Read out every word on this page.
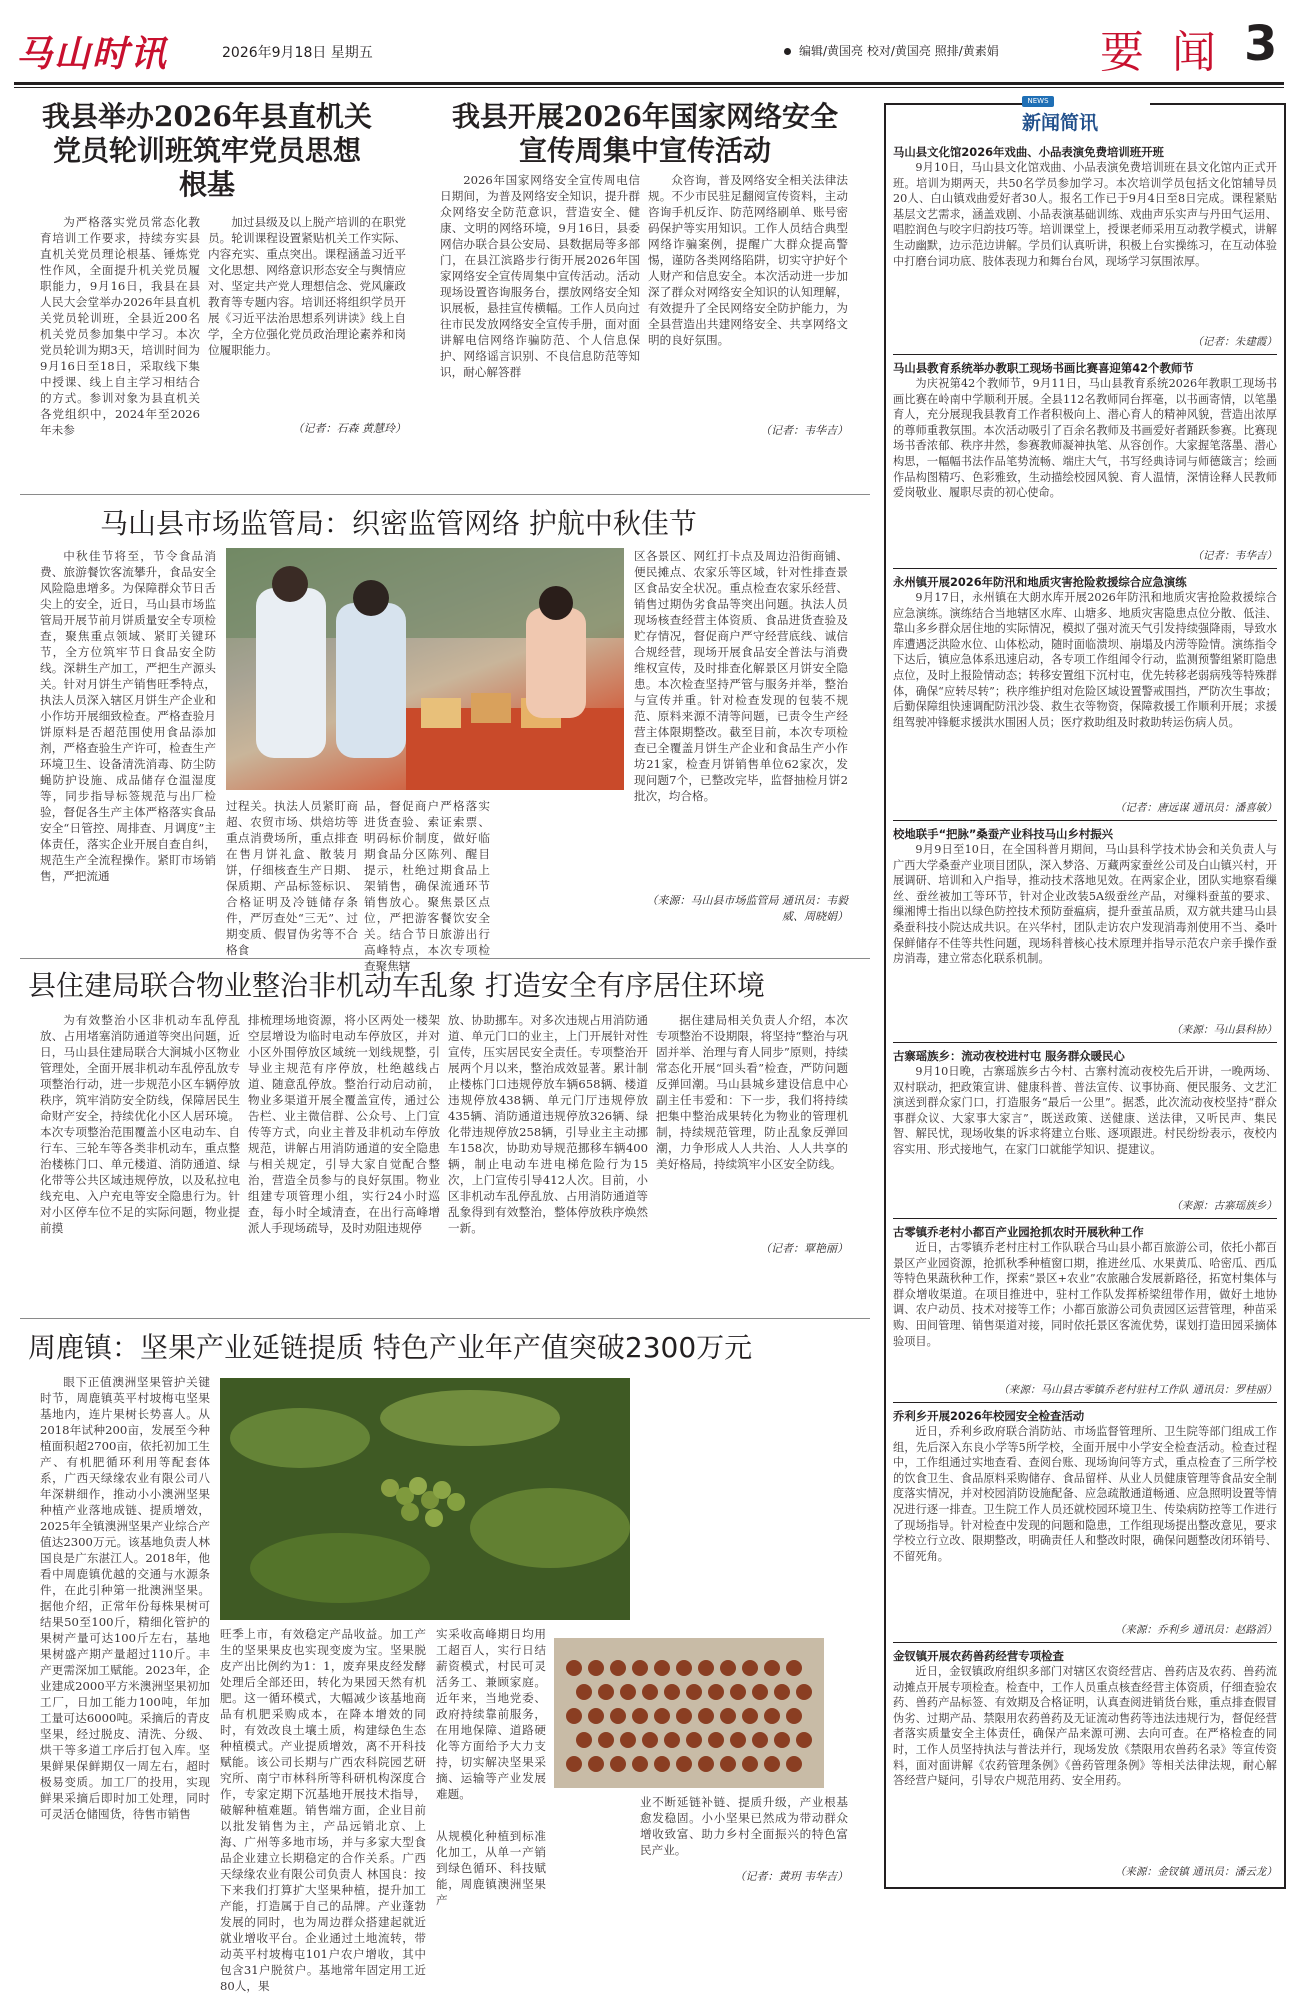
马山时讯	2026年9月18日 星期五	编辑/黄国亮 校对/黄国亮 照排/黄素娟 要闻 3
我县举办2026年县直机关党员轮训班筑牢党员思想根基
为严格落实党员常态化教育培训工作要求，持续夯实县直机关党员理论根基、锤炼党性作风，全面提升机关党员履职能力，9月16日，我县在县人民大会堂举办2026年县直机关党员轮训班，全县近200名机关党员参加集中学习。本次党员轮训为期3天，培训时间为9月16日至18日，采取线下集中授课、线上自主学习相结合的方式。参训对象为县直机关各党组织中，2024年至2026年未参
加过县级及以上脱产培训的在职党员。轮训课程设置紧贴机关工作实际、内容充实、重点突出。课程涵盖习近平文化思想、网络意识形态安全与舆情应对、坚定共产党人理想信念、党风廉政教育等专题内容。培训还将组织学员开展《习近平法治思想系列讲读》线上自学，全方位强化党员政治理论素养和岗位履职能力。
（记者：石森 黄慧玲）
我县开展2026年国家网络安全宣传周集中宣传活动
2026年国家网络安全宣传周电信日期间，为普及网络安全知识，提升群众网络安全防范意识，营造安全、健康、文明的网络环境，9月16日，县委网信办联合县公安局、县数据局等多部门，在县江滨路步行街开展2026年国家网络安全宣传周集中宣传活动。活动现场设置咨询服务台，摆放网络安全知识展板，悬挂宣传横幅。工作人员向过往市民发放网络安全宣传手册，面对面讲解电信网络诈骗防范、个人信息保护、网络谣言识别、不良信息防范等知识，耐心解答群
众咨询，普及网络安全相关法律法规。不少市民驻足翻阅宣传资料，主动咨询手机反诈、防范网络刷单、账号密码保护等实用知识。工作人员结合典型网络诈骗案例，提醒广大群众提高警惕，谨防各类网络陷阱，切实守护好个人财产和信息安全。本次活动进一步加深了群众对网络安全知识的认知理解，有效提升了全民网络安全防护能力，为全县营造出共建网络安全、共享网络文明的良好氛围。
（记者：韦华吉）
马山县市场监管局：织密监管网络 护航中秋佳节
中秋佳节将至，节令食品消费、旅游餐饮客流攀升，食品安全风险隐患增多。为保障群众节日舌尖上的安全，近日，马山县市场监管局开展节前月饼质量安全专项检查，聚焦重点领域、紧盯关键环节，全方位筑牢节日食品安全防线。深耕生产加工，严把生产源头关。针对月饼生产销售旺季特点，执法人员深入辖区月饼生产企业和小作坊开展细致检查。严格查验月饼原料是否超范围使用食品添加剂，严格查验生产许可，检查生产环境卫生、设备清洗消毒、防尘防蝇防护设施、成品储存仓温湿度等，同步指导标签规范与出厂检验，督促各生产主体严格落实食品安全“日管控、周排查、月调度”主体责任，落实企业开展自查自纠，规范生产全流程操作。紧盯市场销售，严把流通
过程关。执法人员紧盯商超、农贸市场、烘焙坊等重点消费场所，重点排查在售月饼礼盒、散装月饼，仔细核查生产日期、保质期、产品标签标识、合格证明及冷链储存条件，严厉查处“三无”、过期变质、假冒伪劣等不合格食
品，督促商户严格落实进货查验、索证索票、明码标价制度，做好临期食品分区陈列、醒目提示，杜绝过期食品上架销售，确保流通环节销售放心。聚焦景区点位，严把游客餐饮安全关。结合节日旅游出行高峰特点，本次专项检查聚焦辖
区各景区、网红打卡点及周边沿街商铺、便民摊点、农家乐等区域，针对性排查景区食品安全状况。重点检查农家乐经营、销售过期伪劣食品等突出问题。执法人员现场核查经营主体资质、食品进货查验及贮存情况，督促商户严守经营底线、诚信合规经营，现场开展食品安全普法与消费维权宣传，及时排查化解景区月饼安全隐患。本次检查坚持严管与服务并举，整治与宣传并重。针对检查发现的包装不规范、原料来源不清等问题，已责令生产经营主体限期整改。截至目前，本次专项检查已全覆盖月饼生产企业和食品生产小作坊21家，检查月饼销售单位62家次，发现问题7个，已整改完毕，监督抽检月饼2批次，均合格。
（来源：马山县市场监管局 通讯员：韦毅威、周晓娟）
县住建局联合物业整治非机动车乱象 打造安全有序居住环境
为有效整治小区非机动车乱停乱放、占用堵塞消防通道等突出问题，近日，马山县住建局联合大涧城小区物业管理处，全面开展非机动车乱停乱放专项整治行动，进一步规范小区车辆停放秩序，筑牢消防安全防线，保障居民生命财产安全，持续优化小区人居环境。本次专项整治范围覆盖小区电动车、自行车、三轮车等各类非机动车，重点整治楼栋门口、单元楼道、消防通道、绿化带等公共区域违规停放，以及私拉电线充电、入户充电等安全隐患行为。针对小区停车位不足的实际问题，物业提前摸
排梳理场地资源，将小区两处一楼架空层增设为临时电动车停放区，并对小区外围停放区域统一划线规整，引导业主规范有序停放，杜绝越线占道、随意乱停放。整治行动启动前，物业多渠道开展全覆盖宣传，通过公告栏、业主微信群、公众号、上门宣传等方式，向业主普及非机动车停放规范，讲解占用消防通道的安全隐患与相关规定，引导大家自觉配合整治，营造全员参与的良好氛围。物业组建专项管理小组，实行24小时巡查，每小时全域清查，在出行高峰增派人手现场疏导，及时劝阻违规停
放、协助挪车。对多次违规占用消防通道、单元门口的业主，上门开展针对性宣传，压实居民安全责任。专项整治开展两个月以来，整治成效显著。累计制止楼栋门口违规停放车辆658辆、楼道违规停放438辆、单元门厅违规停放435辆、消防通道违规停放326辆、绿化带违规停放258辆，引导业主主动挪车158次，协助劝导规范挪移车辆400辆，制止电动车进电梯危险行为15次，上门宣传引导412人次。目前，小区非机动车乱停乱放、占用消防通道等乱象得到有效整治，整体停放秩序焕然一新。
据住建局相关负责人介绍，本次专项整治不设期限，将坚持“整治与巩固并举、治理与育人同步”原则，持续常态化开展“回头看”检查，严防问题反弹回潮。马山县城乡建设信息中心副主任韦爱和：下一步，我们将持续把集中整治成果转化为物业的管理机制，持续规范管理，防止乱象反弹回潮，力争形成人人共治、人人共享的美好格局，持续筑牢小区安全防线。
（记者：覃艳丽）
周鹿镇：坚果产业延链提质 特色产业年产值突破2300万元
眼下正值澳洲坚果管护关键时节，周鹿镇英平村坡梅屯坚果基地内，连片果树长势喜人。从2018年试种200亩，发展至今种植面积超2700亩，依托初加工生产、有机肥循环利用等配套体系，广西天绿缘农业有限公司八年深耕细作，推动小小澳洲坚果种植产业落地成链、提质增效，2025年全镇澳洲坚果产业综合产值达2300万元。该基地负责人林国良是广东湛江人。2018年，他看中周鹿镇优越的交通与水源条件，在此引种第一批澳洲坚果。据他介绍，正常年份每株果树可结果50至100斤，精细化管护的果树产量可达100斤左右，基地果树盛产期产量超过110斤。丰产更需深加工赋能。2023年，企业建成2000平方米澳洲坚果初加工厂，日加工能力100吨，年加工量可达6000吨。采摘后的青皮坚果，经过脱皮、清洗、分级、烘干等多道工序后打包入库。坚果鲜果保鲜期仅一周左右，超时极易变质。加工厂的投用，实现鲜果采摘后即时加工处理，同时可灵活仓储囤货，待售市销售
旺季上市，有效稳定产品收益。加工产生的坚果果皮也实现变废为宝。坚果脱皮产出比例约为1：1，废弃果皮经发酵处理后全部还田，转化为果园天然有机肥。这一循环模式，大幅减少该基地商品有机肥采购成本，在降本增效的同时，有效改良土壤土质，构建绿色生态种植模式。产业提质增效，离不开科技赋能。该公司长期与广西农科院园艺研究所、南宁市林科所等科研机构深度合作，专家定期下沉基地开展技术指导，破解种植难题。销售端方面，企业目前以批发销售为主，产品远销北京、上海、广州等多地市场，并与多家大型食品企业建立长期稳定的合作关系。广西天绿缘农业有限公司负责人 林国良：按下来我们打算扩大坚果种植，提升加工产能，打造属于自己的品牌。产业蓬勃发展的同时，也为周边群众搭建起就近就业增收平台。企业通过土地流转，带动英平村坡梅屯101户农户增收，其中包含31户脱贫户。基地常年固定用工近80人，果
实采收高峰期日均用工超百人，实行日结薪资模式，村民可灵活务工、兼顾家庭。近年来，当地党委、政府持续靠前服务，在用地保障、道路硬化等方面给予大力支持，切实解决坚果采摘、运输等产业发展难题。
从规模化种植到标准化加工，从单一产销到绿色循环、科技赋能，周鹿镇澳洲坚果产
业不断延链补链、提质升级，产业根基愈发稳固。小小坚果已然成为带动群众增收致富、助力乡村全面振兴的特色富民产业。
（记者：黄玥 韦华吉）
NEWS
新闻简讯
马山县文化馆2026年戏曲、小品表演免费培训班开班
9月10日，马山县文化馆戏曲、小品表演免费培训班在县文化馆内正式开班。培训为期两天，共50名学员参加学习。本次培训学员包括文化馆辅导员20人、白山镇戏曲爱好者30人。报名工作已于9月4日至8日完成。课程紧贴基层文艺需求，涵盖戏剧、小品表演基础训练、戏曲声乐实声与丹田气运用、唱腔润色与咬字归韵技巧等。培训课堂上，授课老师采用互动教学模式，讲解生动幽默，边示范边讲解。学员们认真听讲，积极上台实操练习，在互动体验中打磨台词功底、肢体表现力和舞台台风，现场学习氛围浓厚。
（记者：朱建霞）
马山县教育系统举办教职工现场书画比赛喜迎第42个教师节
为庆祝第42个教师节，9月11日，马山县教育系统2026年教职工现场书画比赛在岭南中学顺利开展。全县112名教师同台挥毫，以书画寄情，以笔墨育人，充分展现我县教育工作者积极向上、潜心育人的精神风貌，营造出浓厚的尊师重教氛围。本次活动吸引了百余名教师及书画爱好者踊跃参赛。比赛现场书香浓郁、秩序井然，参赛教师凝神执笔、从容创作。大家握笔落墨、潜心构思，一幅幅书法作品笔势流畅、端庄大气，书写经典诗词与师德箴言；绘画作品构图精巧、色彩雅致，生动描绘校园风貌、育人温情，深情诠释人民教师爱岗敬业、履职尽责的初心使命。
（记者：韦华吉）
永州镇开展2026年防汛和地质灾害抢险救援综合应急演练
9月17日，永州镇在大朗水库开展2026年防汛和地质灾害抢险救援综合应急演练。演练结合当地辖区水库、山塘多、地质灾害隐患点位分散、低洼、靠山多乡群众居住地的实际情况，模拟了强对流天气引发持续强降雨，导致水库遭遇泛洪险水位、山体松动，随时面临溃坝、崩塌及内涝等险情。演练指令下达后，镇应急体系迅速启动，各专项工作组闻令行动，监测预警组紧盯隐患点位，及时上报险情动态；转移安置组下沉村屯，优先转移老弱病残等特殊群体，确保“应转尽转”；秩序维护组对危险区域设置警戒围挡，严防次生事故；后勤保障组快速调配防汛沙袋、救生衣等物资，保障救援工作顺利开展；求援组驾驶冲锋艇求援洪水围困人员；医疗救助组及时救助转运伤病人员。
（记者：唐远谋 通讯员：潘喜敏）
校地联手“把脉”桑蚕产业科技马山乡村振兴
9月9日至10日，在全国科普月期间，马山县科学技术协会和关负责人与广西大学桑蚕产业项目团队，深入梦洛、万藏两家蚕丝公司及白山镇兴村，开展调研、培训和入户指导，推动技术落地见效。在两家企业，团队实地察看缫丝、蚕丝被加工等环节，针对企业改装5A级蚕丝产品，对缫料蚕茧的要求、缫湘博士指出以绿色防控技术预防蚕瘟病，提升蚕茧品质，双方就共建马山县桑蚕科技小院达成共识。在兴华村，团队走访农户发现消毒剂使用不当、桑叶保鲜储存不佳等共性问题，现场科普核心技术原理并指导示范农户亲手操作蚕房消毒，建立常态化联系机制。
（来源：马山县科协）
古寨瑶族乡：流动夜校进村屯 服务群众暖民心
9月10日晚，古寨瑶族乡古今村、古寨村流动夜校先后开讲，一晚两场、双村联动，把政策宣讲、健康科普、普法宣传、议事协商、便民服务、文艺汇演送到群众家门口，打造服务“最后一公里”。据悉，此次流动夜校坚持“群众事群众议、大家事大家言”，既送政策、送健康、送法律，又听民声、集民智、解民忧，现场收集的诉求将建立台账、逐项跟进。村民纷纷表示，夜校内容实用、形式接地气，在家门口就能学知识、提建议。
（来源：古寨瑶族乡）
古零镇乔老村小都百产业园抢抓农时开展秋种工作
近日，古零镇乔老村庄村工作队联合马山县小都百旅游公司，依托小都百景区产业园资源，抢抓秋季种植窗口期，推进丝瓜、水果黄瓜、哈密瓜、西瓜等特色果蔬秋种工作，探索“景区+农业”农旅融合发展新路径，拓宽村集体与群众增收渠道。在项目推进中，驻村工作队发挥桥梁纽带作用，做好土地协调、农户动员、技术对接等工作；小都百旅游公司负责园区运营管理，种苗采购、田间管理、销售渠道对接，同时依托景区客流优势，谋划打造田园采摘体验项目。
（来源：马山县古零镇乔老村驻村工作队 通讯员：罗桂丽）
乔利乡开展2026年校园安全检查活动
近日，乔利乡政府联合消防站、市场监督管理所、卫生院等部门组成工作组，先后深入东良小学等5所学校，全面开展中小学安全检查活动。检查过程中，工作组通过实地查看、查阅台账、现场询问等方式，重点检查了三所学校的饮食卫生、食品原料采购储存、食品留样、从业人员健康管理等食品安全制度落实情况，并对校园消防设施配备、应急疏散通道畅通、应急照明设置等情况进行逐一排查。卫生院工作人员还就校园环境卫生、传染病防控等工作进行了现场指导。针对检查中发现的问题和隐患，工作组现场提出整改意见，要求学校立行立改、限期整改，明确责任人和整改时限，确保问题整改闭环销号、不留死角。
（来源：乔利乡 通讯员：赵路滔）
金钗镇开展农药兽药经营专项检查
近日，金钗镇政府组织多部门对辖区农资经营店、兽药店及农药、兽药流动摊点开展专项检查。检查中，工作人员重点核查经营主体资质，仔细查验农药、兽药产品标签、有效期及合格证明，认真查阅进销货台账，重点排查假冒伪劣、过期产品、禁限用农药兽药及无证流动售药等违法违规行为，督促经营者落实质量安全主体责任，确保产品来源可溯、去向可查。在严格检查的同时，工作人员坚持执法与普法并行，现场发放《禁限用农兽药名录》等宣传资料，面对面讲解《农药管理条例》《兽药管理条例》等相关法律法规，耐心解答经营户疑问，引导农户规范用药、安全用药。
（来源：金钗镇 通讯员：潘云龙）
